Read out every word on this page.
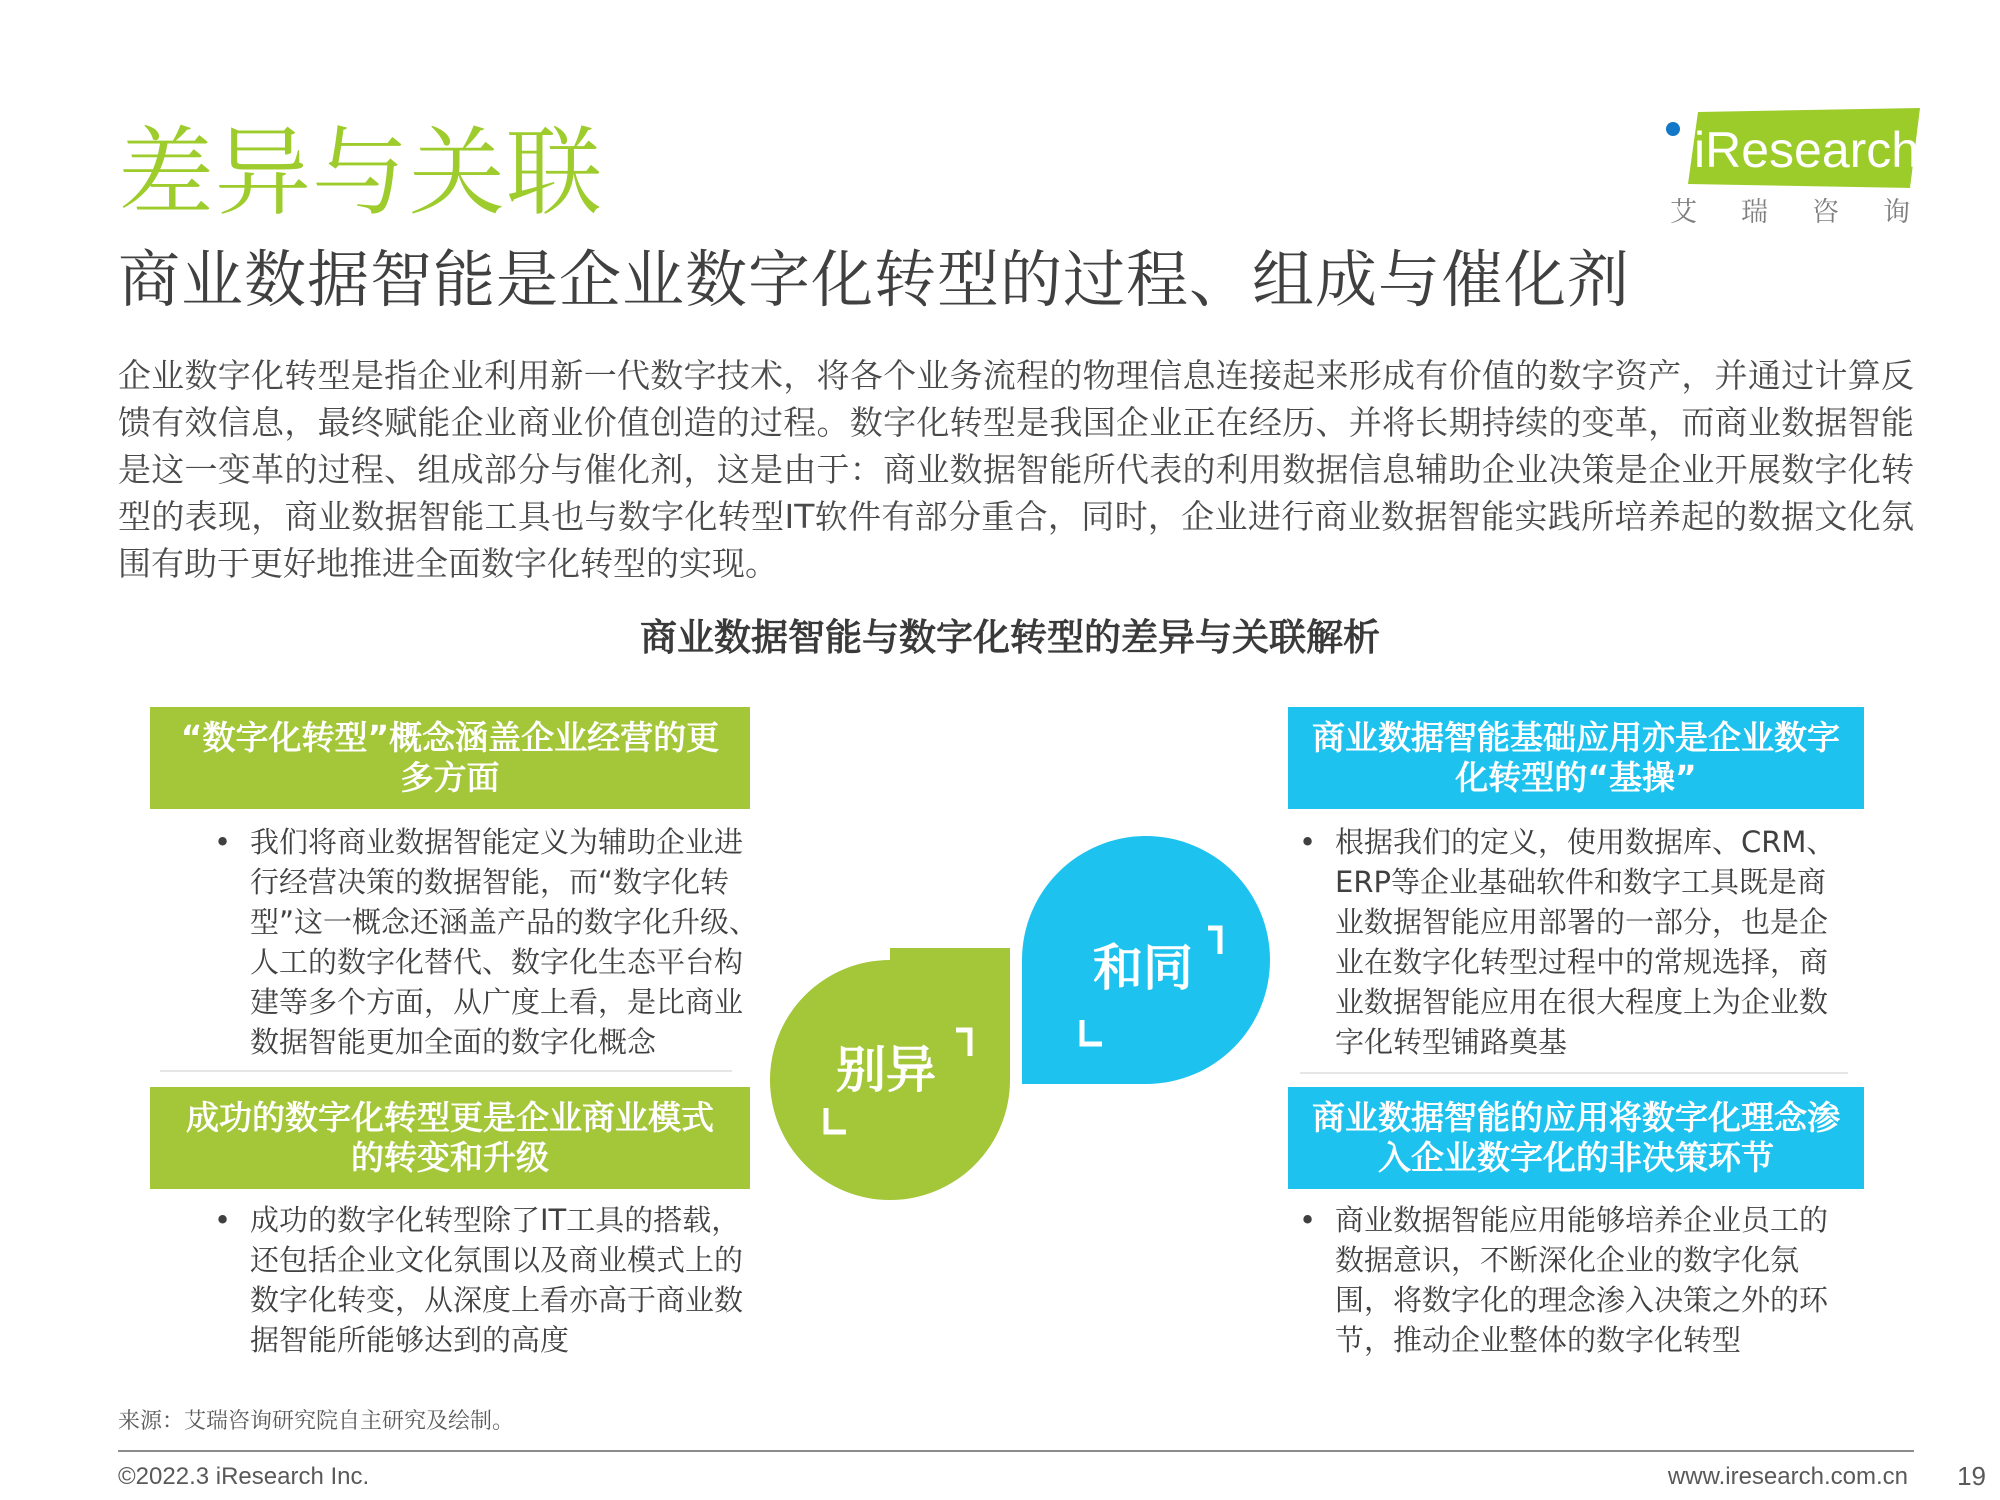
差异与关联
商业数据智能是企业数字化转型的过程、组成与催化剂
iResearch
艾瑞咨询
企业数字化转型是指企业利用新一代数字技术，将各个业务流程的物理信息连接起来形成有价值的数字资产，并通过计算反馈有效信息，最终赋能企业商业价值创造的过程。数字化转型是我国企业正在经历、并将长期持续的变革，而商业数据智能是这一变革的过程、组成部分与催化剂，这是由于：商业数据智能所代表的利用数据信息辅助企业决策是企业开展数字化转型的表现，商业数据智能工具也与数字化转型IT软件有部分重合，同时，企业进行商业数据智能实践所培养起的数据文化氛围有助于更好地推进全面数字化转型的实现。
商业数据智能与数字化转型的差异与关联解析
“数字化转型”概念涵盖企业经营的更多方面
• 我们将商业数据智能定义为辅助企业进行经营决策的数据智能，而“数字化转型”这一概念还涵盖产品的数字化升级、人工的数字化替代、数字化生态平台构建等多个方面，从广度上看，是比商业数据智能更加全面的数字化概念
成功的数字化转型更是企业商业模式的转变和升级
• 成功的数字化转型除了IT工具的搭载，还包括企业文化氛围以及商业模式上的数字化转变，从深度上看亦高于商业数据智能所能够达到的高度
商业数据智能基础应用亦是企业数字化转型的“基操”
• 根据我们的定义，使用数据库、CRM、ERP等企业基础软件和数字工具既是商业数据智能应用部署的一部分，也是企业在数字化转型过程中的常规选择，商业数据智能应用在很大程度上为企业数字化转型铺路奠基
商业数据智能的应用将数字化理念渗入企业数字化的非决策环节
• 商业数据智能应用能够培养企业员工的数据意识，不断深化企业的数字化氛围，将数字化的理念渗入决策之外的环节，推动企业整体的数字化转型
别异
和同
来源：艾瑞咨询研究院自主研究及绘制。
©2022.3 iResearch Inc.	www.iresearch.com.cn	19
